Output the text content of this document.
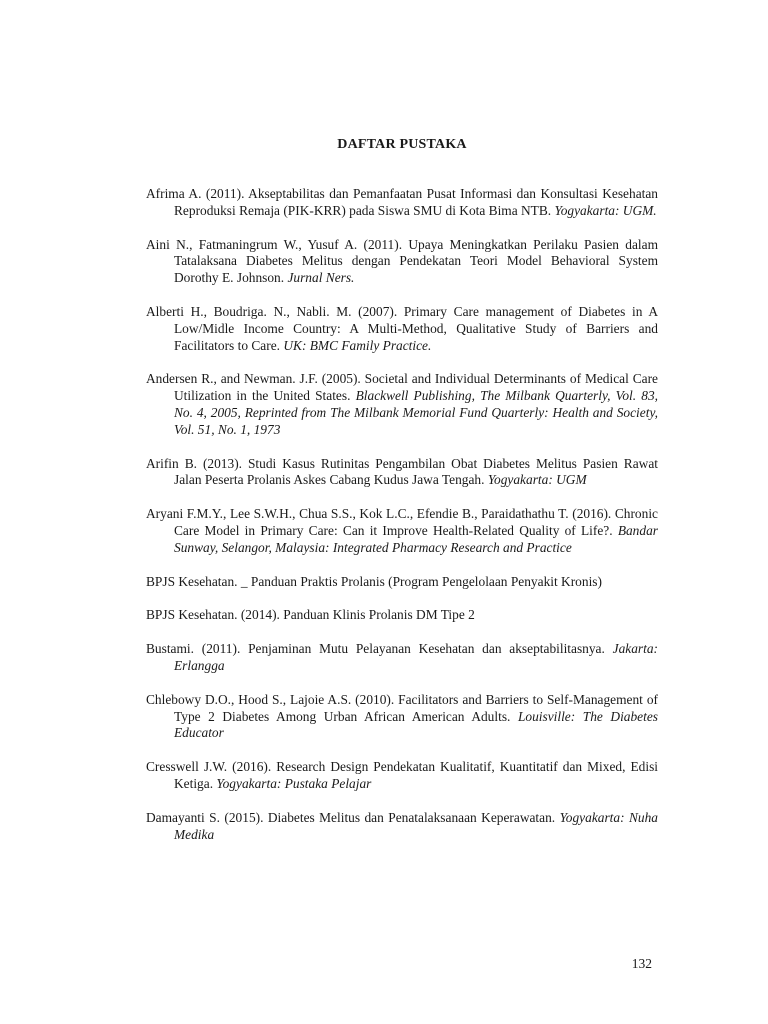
DAFTAR PUSTAKA

Afrima A. (2011). Akseptabilitas dan Pemanfaatan Pusat Informasi dan Konsultasi Kesehatan Reproduksi Remaja (PIK-KRR) pada Siswa SMU di Kota Bima NTB. Yogyakarta: UGM.

Aini N., Fatmaningrum W., Yusuf A. (2011). Upaya Meningkatkan Perilaku Pasien dalam Tatalaksana Diabetes Melitus dengan Pendekatan Teori Model Behavioral System Dorothy E. Johnson. Jurnal Ners.

Alberti H., Boudriga. N., Nabli. M. (2007). Primary Care management of Diabetes in A Low/Midle Income Country: A Multi-Method, Qualitative Study of Barriers and Facilitators to Care. UK: BMC Family Practice.

Andersen R., and Newman. J.F. (2005). Societal and Individual Determinants of Medical Care Utilization in the United States. Blackwell Publishing, The Milbank Quarterly, Vol. 83, No. 4, 2005, Reprinted from The Milbank Memorial Fund Quarterly: Health and Society, Vol. 51, No. 1, 1973

Arifin B. (2013). Studi Kasus Rutinitas Pengambilan Obat Diabetes Melitus Pasien Rawat Jalan Peserta Prolanis Askes Cabang Kudus Jawa Tengah. Yogyakarta: UGM

Aryani F.M.Y., Lee S.W.H., Chua S.S., Kok L.C., Efendie B., Paraidathathu T. (2016). Chronic Care Model in Primary Care: Can it Improve Health-Related Quality of Life?. Bandar Sunway, Selangor, Malaysia: Integrated Pharmacy Research and Practice

BPJS Kesehatan. _ Panduan Praktis Prolanis (Program Pengelolaan Penyakit Kronis)

BPJS Kesehatan. (2014). Panduan Klinis Prolanis DM Tipe 2

Bustami. (2011). Penjaminan Mutu Pelayanan Kesehatan dan akseptabilitasnya. Jakarta: Erlangga

Chlebowy D.O., Hood S., Lajoie A.S. (2010). Facilitators and Barriers to Self-Management of Type 2 Diabetes Among Urban African American Adults. Louisville: The Diabetes Educator

Cresswell J.W. (2016). Research Design Pendekatan Kualitatif, Kuantitatif dan Mixed, Edisi Ketiga. Yogyakarta: Pustaka Pelajar

Damayanti S. (2015). Diabetes Melitus dan Penatalaksanaan Keperawatan. Yogyakarta: Nuha Medika

132
